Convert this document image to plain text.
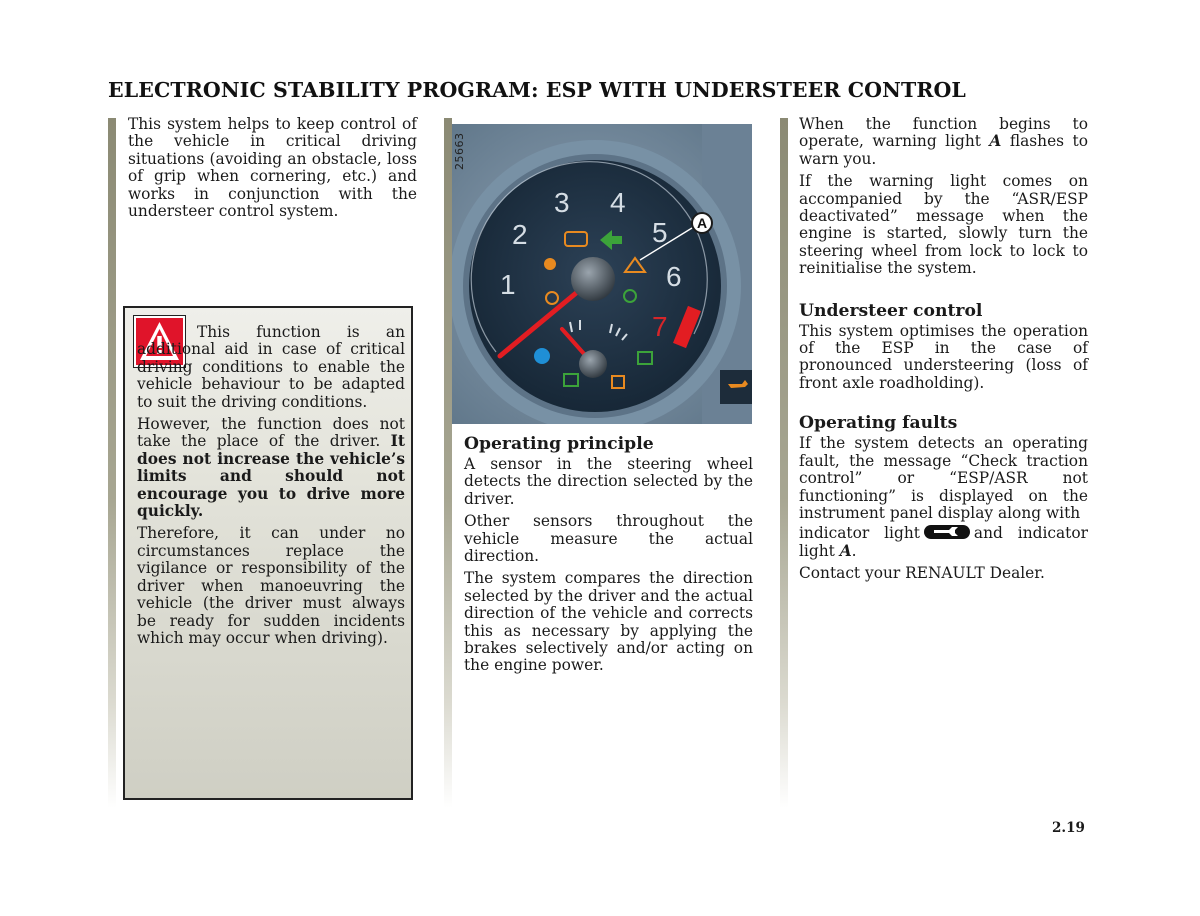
ELECTRONIC STABILITY PROGRAM: ESP WITH UNDERSTEER CONTROL

This system helps to keep control of the vehicle in critical driving situations (avoiding an obstacle, loss of grip when cornering, etc.) and works in conjunction with the understeer control system.

This function is an additional aid in case of critical driving conditions to enable the vehicle behaviour to be adapted to suit the driving conditions.

However, the function does not take the place of the driver. It does not increase the vehicle’s limits and should not encourage you to drive more quickly.

Therefore, it can under no circumstances replace the vigilance or responsibility of the driver when manoeuvring the vehicle (the driver must always be ready for sudden incidents which may occur when driving).

1
2
3 4
5
6
7
A
25663
Operating principle

A sensor in the steering wheel detects the direction selected by the driver.

Other sensors throughout the vehicle measure the actual direction.

The system compares the direction selected by the driver and the actual direction of the vehicle and corrects this as necessary by applying the brakes selectively and/or acting on the engine power.

When the function begins to operate, warning light A flashes to warn you.

If the warning light comes on accompanied by the “ASR/ESP deactivated” message when the engine is started, slowly turn the steering wheel from lock to lock to reinitialise the system.

Understeer control

This system optimises the operation of the ESP in the case of pronounced understeering (loss of front axle roadholding).

Operating faults

If the system detects an operating fault, the message “Check traction control” or “ESP/ASR not functioning” is displayed on the instrument panel display along with

indicator light	and indicator light A.

Contact your RENAULT Dealer.

2.19
